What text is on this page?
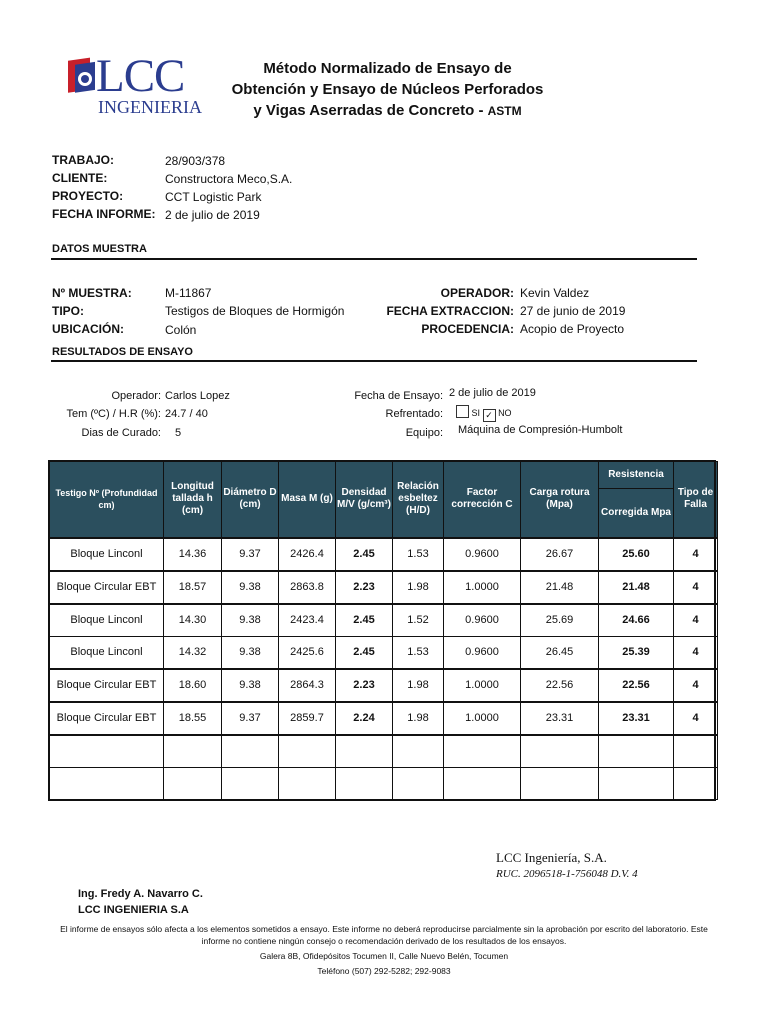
LCC
INGENIERIA
Método Normalizado de Ensayo de
Obtención y Ensayo de Núcleos Perforados
y Vigas Aserradas de Concreto - ASTM
TRABAJO:	28/903/378
CLIENTE:	Constructora Meco,S.A.
PROYECTO:	CCT Logistic Park
FECHA INFORME: 2 de julio de 2019
DATOS MUESTRA
Nº MUESTRA:	M-11867
TIPO:	Testigos de Bloques de Hormigón
UBICACIÓN:	Colón
OPERADOR: Kevin Valdez
FECHA EXTRACCION: 27 de junio de 2019
PROCEDENCIA: Acopio de Proyecto
RESULTADOS DE ENSAYO
Operador: Carlos Lopez
Tem (ºC) / H.R (%): 24.7 / 40
Dias de Curado: 5
Fecha de Ensayo: 2 de julio de 2019
Refrentado:	SI ✓ NO
Equipo: Máquina de Compresión-Humbolt
Testigo Nº (Profundidad cm)	Longitud tallada h (cm)	Diámetro D (cm)	Masa M (g)	Densidad M/V (g/cm³)	Relación esbeltez (H/D)	Factor corrección C	Carga rotura (Mpa)	Resistencia	Tipo de Falla
								Corregida Mpa	
Bloque Linconl	14.36	9.37	2426.4	2.45	1.53	0.9600	26.67	25.60	4
Bloque Circular EBT	18.57	9.38	2863.8	2.23	1.98	1.0000	21.48	21.48	4
Bloque Linconl	14.30	9.38	2423.4	2.45	1.52	0.9600	25.69	24.66	4
Bloque Linconl	14.32	9.38	2425.6	2.45	1.53	0.9600	26.45	25.39	4
Bloque Circular EBT	18.60	9.38	2864.3	2.23	1.98	1.0000	22.56	22.56	4
Bloque Circular EBT	18.55	9.37	2859.7	2.24	1.98	1.0000	23.31	23.31	4

LCC Ingeniería, S.A.
RUC. 2096518-1-756048 D.V. 4
Ing. Fredy A. Navarro C.
LCC INGENIERIA S.A
El informe de ensayos sólo afecta a los elementos sometidos a ensayo. Este informe no deberá reproducirse parcialmente sin la aprobación por escrito del laboratorio. Este informe no contiene ningún consejo o recomendación derivado de los resultados de los ensayos.
Galera 8B, Ofidepósitos Tocumen II, Calle Nuevo Belén, Tocumen
Teléfono (507) 292-5282; 292-9083
